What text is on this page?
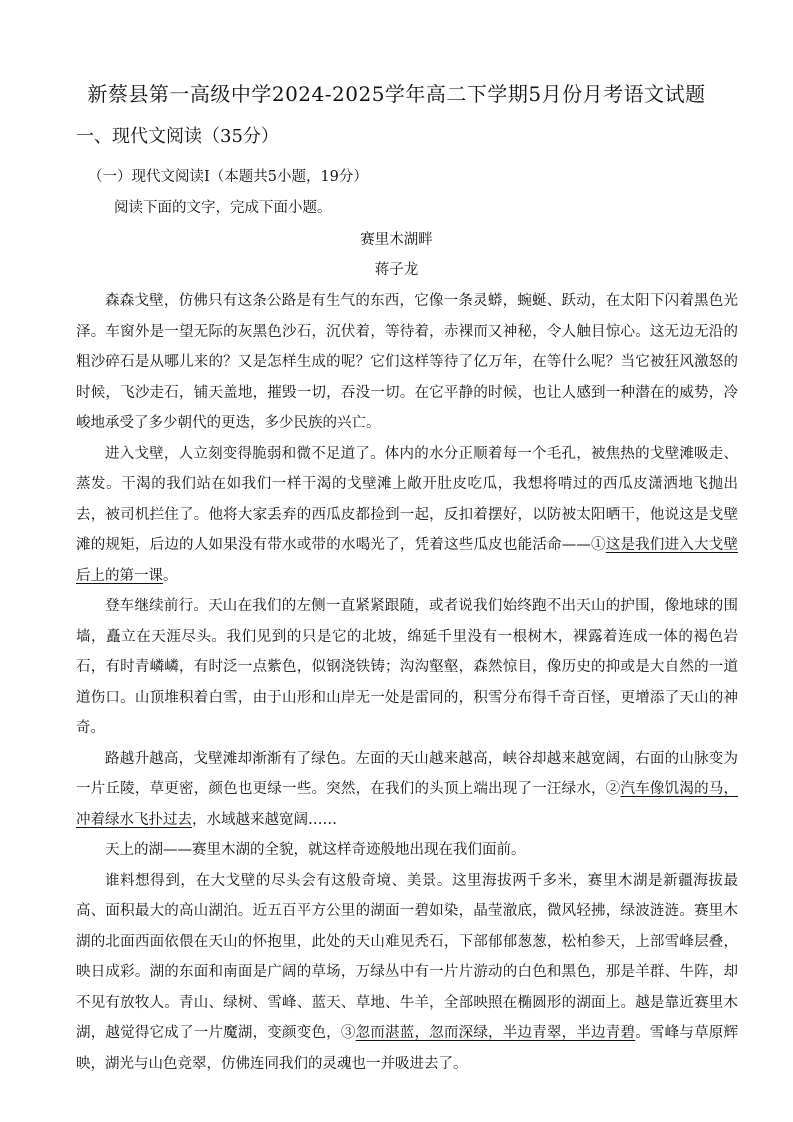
新蔡县第一高级中学2024-2025学年高二下学期5月份月考语文试题
一、现代文阅读（35分）
（一）现代文阅读I（本题共5小题，19分）
阅读下面的文字，完成下面小题。
赛里木湖畔
蒋子龙

森森戈壁，仿佛只有这条公路是有生气的东西，它像一条灵蟒，蜿蜒、跃动，在太阳下闪着黑色光泽。车窗外是一望无际的灰黑色沙石，沉伏着，等待着，赤裸而又神秘，令人触目惊心。这无边无沿的粗沙碎石是从哪儿来的？又是怎样生成的呢？它们这样等待了亿万年，在等什么呢？当它被狂风激怒的时候，飞沙走石，铺天盖地，摧毁一切，吞没一切。在它平静的时候，也让人感到一种潜在的威势，冷峻地承受了多少朝代的更迭，多少民族的兴亡。

进入戈壁，人立刻变得脆弱和微不足道了。体内的水分正顺着每一个毛孔，被焦热的戈壁滩吸走、蒸发。干渴的我们站在如我们一样干渴的戈壁滩上敞开肚皮吃瓜，我想将啃过的西瓜皮潇洒地飞抛出去，被司机拦住了。他将大家丢弃的西瓜皮都捡到一起，反扣着摆好，以防被太阳晒干，他说这是戈壁滩的规矩，后边的人如果没有带水或带的水喝光了，凭着这些瓜皮也能活命——①这是我们进入大戈壁后上的第一课。

登车继续前行。天山在我们的左侧一直紧紧跟随，或者说我们始终跑不出天山的护围，像地球的围墙，矗立在天涯尽头。我们见到的只是它的北坡，绵延千里没有一根树木，裸露着连成一体的褐色岩石，有时青嶙嶙，有时泛一点紫色，似钢浇铁铸；沟沟壑壑，森然惊目，像历史的抑或是大自然的一道道伤口。山顶堆积着白雪，由于山形和山岸无一处是雷同的，积雪分布得千奇百怪，更增添了天山的神奇。

路越升越高，戈壁滩却渐渐有了绿色。左面的天山越来越高，峡谷却越来越宽阔，右面的山脉变为一片丘陵，草更密，颜色也更绿一些。突然，在我们的头顶上端出现了一汪绿水，②汽车像饥渴的马，冲着绿水飞扑过去，水域越来越宽阔……

天上的湖——赛里木湖的全貌，就这样奇迹般地出现在我们面前。

谁料想得到，在大戈壁的尽头会有这般奇境、美景。这里海拔两千多米，赛里木湖是新疆海拔最高、面积最大的高山湖泊。近五百平方公里的湖面一碧如染，晶莹澈底，微风轻拂，绿波涟涟。赛里木湖的北面西面依偎在天山的怀抱里，此处的天山难见秃石，下部郁郁葱葱，松柏参天，上部雪峰层叠，映日成彩。湖的东面和南面是广阔的草场，万绿丛中有一片片游动的白色和黑色，那是羊群、牛阵，却不见有放牧人。青山、绿树、雪峰、蓝天、草地、牛羊，全部映照在椭圆形的湖面上。越是靠近赛里木湖，越觉得它成了一片魔湖，变颜变色，③忽而湛蓝，忽而深绿，半边青翠，半边青碧。雪峰与草原辉映，湖光与山色竞翠，仿佛连同我们的灵魂也一并吸进去了。
